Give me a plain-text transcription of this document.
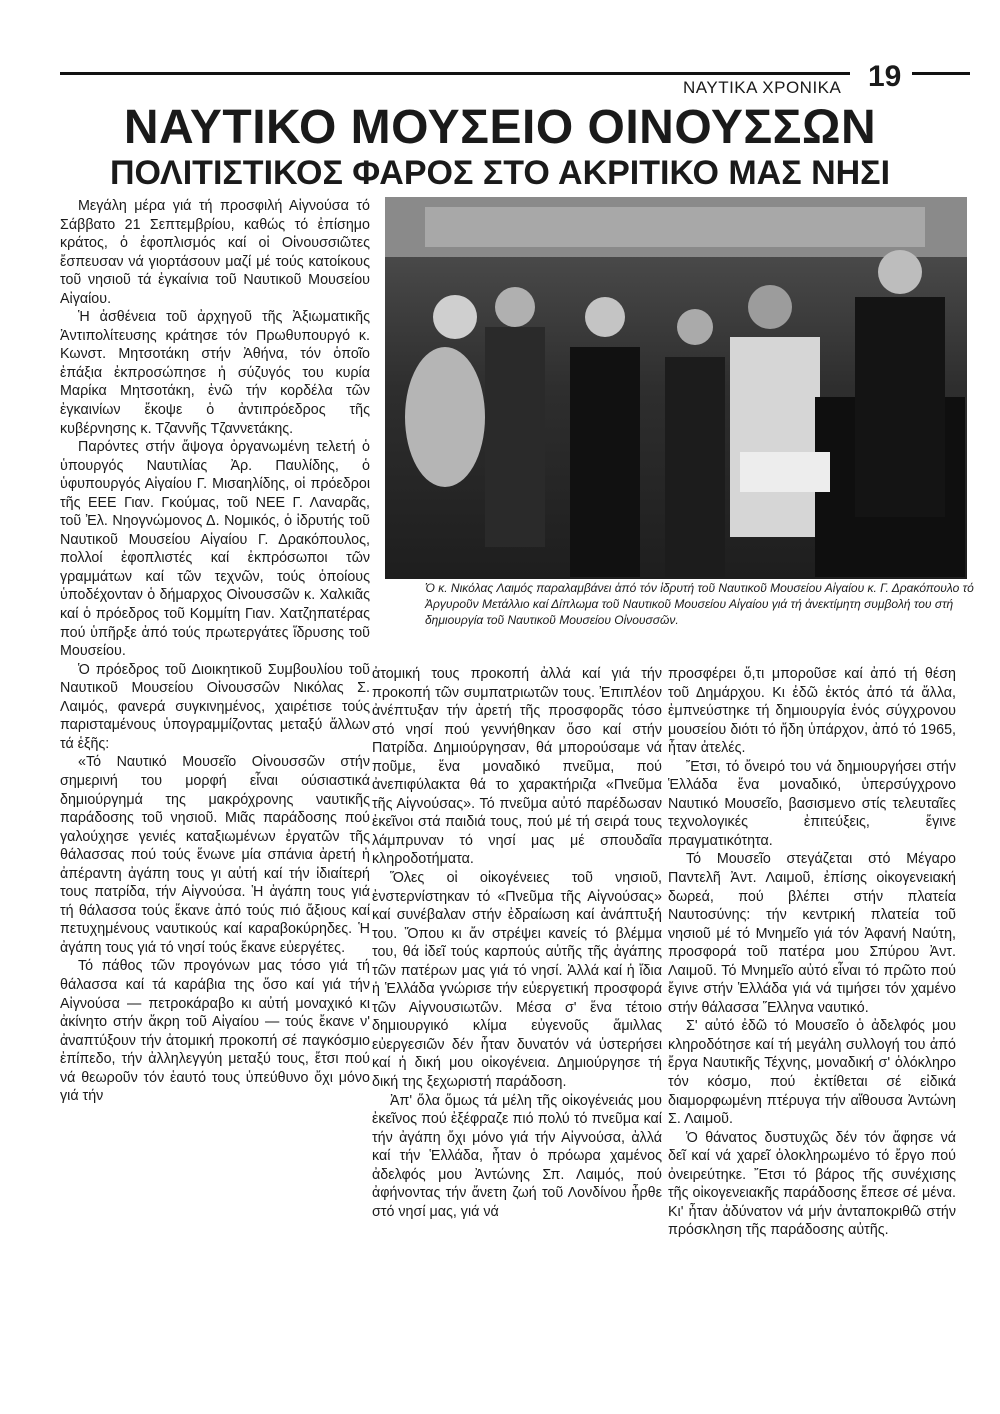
ΝΑΥΤΙΚΑ ΧΡΟΝΙΚΑ 19
ΝΑΥΤΙΚΟ ΜΟΥΣΕΙΟ ΟΙΝΟΥΣΣΩΝ
ΠΟΛΙΤΙΣΤΙΚΟΣ ΦΑΡΟΣ ΣΤΟ ΑΚΡΙΤΙΚΟ ΜΑΣ ΝΗΣΙ

Μεγάλη μέρα γιά τή προσφιλή Αἰγνούσα τό Σάββατο 21 Σεπτεμβρίου, καθώς τό ἐπίσημο κράτος, ὁ ἐφοπλισμός καί οἱ Οἰνουσσιῶτες ἔσπευσαν νά γιορτάσουν μαζί μέ τούς κατοίκους τοῦ νησιοῦ τά ἐγκαίνια τοῦ Ναυτικοῦ Μουσείου Αἰγαίου.

Ἡ ἀσθένεια τοῦ ἀρχηγοῦ τῆς Ἀξιωματικῆς Ἀντιπολίτευσης κράτησε τόν Πρωθυπουργό κ. Κωνστ. Μητσοτάκη στήν Ἀθήνα, τόν ὁποῖο ἐπάξια ἐκπροσώπησε ἡ σύζυγός του κυρία Μαρίκα Μητσοτάκη, ἐνῶ τήν κορδέλα τῶν ἐγκαινίων ἔκοψε ὁ ἀντιπρόεδρος τῆς κυβέρνησης κ. Τζαννῆς Τζαννετάκης.

Παρόντες στήν ἄψογα ὀργανωμένη τελετή ὁ ὑπουργός Ναυτιλίας Ἀρ. Παυλίδης, ὁ ὑφυπουργός Αἰγαίου Γ. Μισαηλίδης, οἱ πρόεδροι τῆς ΕΕΕ Γιαν. Γκούμας, τοῦ ΝΕΕ Γ. Λαναρᾶς, τοῦ Ἐλ. Νηογνώμονος Δ. Νομικός, ὁ ἱδρυτής τοῦ Ναυτικοῦ Μουσείου Αἰγαίου Γ. Δρακόπουλος, πολλοί ἐφοπλιστές καί ἐκπρόσωποι τῶν γραμμάτων καί τῶν τεχνῶν, τούς ὁποίους ὑποδέχονταν ὁ δήμαρχος Οἰνουσσῶν κ. Χαλκιᾶς καί ὁ πρόεδρος τοῦ Κομμίτη Γιαν. Χατζηπατέρας πού ὑπῆρξε ἀπό τούς πρωτεργάτες ἵδρυσης τοῦ Μουσείου.

Ὁ πρόεδρος τοῦ Διοικητικοῦ Συμβουλίου τοῦ Ναυτικοῦ Μουσείου Οἰνουσσῶν Νικόλας Σ. Λαιμός, φανερά συγκινημένος, χαιρέτισε τούς παρισταμένους ὑπογραμμίζοντας μεταξύ ἄλλων τά ἑξῆς:

«Τό Ναυτικό Μουσεῖο Οἰνουσσῶν στήν σημερινή του μορφή εἶναι ούσιαστικά δημιούργημά της μακρόχρονης ναυτικῆς παράδοσης τοῦ νησιοῦ. Μιᾶς παράδοσης πού γαλούχησε γενιές καταξιωμένων ἐργατῶν τῆς θάλασσας πού τούς ἕνωνε μία σπάνια ἀρετή ἡ ἀπέραντη ἀγάπη τους γι αὐτή καί τήν ἰδιαίτερή τους πατρίδα, τήν Αἰγνούσα. Ἡ ἀγάπη τους γιά τή θάλασσα τούς ἔκανε ἀπό τούς πιό ἄξιους καί πετυχημένους ναυτικούς καί καραβοκύρηδες. Ἡ ἀγάπη τους γιά τό νησί τούς ἔκανε εὐεργέτες.

Τό πάθος τῶν προγόνων μας τόσο γιά τή θάλασσα καί τά καράβια της ὅσο καί γιά τήν Αἰγνούσα — πετροκάραβο κι αὐτή μοναχικό κι ἀκίνητο στήν ἄκρη τοῦ Αἰγαίου — τούς ἔκανε ν' ἀναπτύξουν τήν ἀτομική προκοπή σέ παγκόσμιο ἐπίπεδο, τήν ἀλληλεγγύη μεταξύ τους, ἔτσι πού νά θεωροῦν τόν ἑαυτό τους ὑπεύθυνο ὄχι μόνο γιά τήν

Ὁ κ. Νικόλας Λαιμός παραλαμβάνει ἀπό τόν ἱδρυτή τοῦ Ναυτικοῦ Μουσείου Αἰγαίου κ. Γ. Δρακόπουλο τό Ἀργυροῦν Μετάλλιο καί Δίπλωμα τοῦ Ναυτικοῦ Μουσείου Αἰγαίου γιά τή ἀνεκτίμητη συμβολή του στή δημιουργία τοῦ Ναυτικοῦ Μουσείου Οἰνουσσῶν.

ἀτομική τους προκοπή ἀλλά καί γιά τήν προκοπή τῶν συμπατριωτῶν τους. Ἐπιπλέον ἀνέπτυξαν τήν ἀρετή τῆς προσφορᾶς τόσο στό νησί πού γεννήθηκαν ὅσο καί στήν Πατρίδα. Δημιούργησαν, θά μπορούσαμε νά ποῦμε, ἕνα μοναδικό πνεῦμα, πού ἀνεπιφύλακτα θά το χαρακτήριζα «Πνεῦμα τῆς Αἰγνούσας». Τό πνεῦμα αὐτό παρέδωσαν ἐκεῖνοι στά παιδιά τους, πού μέ τή σειρά τους λάμπρυναν τό νησί μας μέ σπουδαῖα κληροδοτήματα.

Ὅλες οἱ οἰκογένειες τοῦ νησιοῦ, ἐνστερνίστηκαν τό «Πνεῦμα τῆς Αἰγνούσας» καί συνέβαλαν στήν ἐδραίωση καί ἀνάπτυξή του. Ὅπου κι ἄν στρέψει κανείς τό βλέμμα του, θά ἰδεῖ τούς καρπούς αὐτῆς τῆς ἀγάπης τῶν πατέρων μας γιά τό νησί. Ἀλλά καί ἡ ἴδια ἡ Ἑλλάδα γνώρισε τήν εὐεργετική προσφορά τῶν Αἰγνουσιωτῶν. Μέσα σ' ἕνα τέτοιο δημιουργικό κλίμα εὐγενοῦς ἅμιλλας εὐεργεσιῶν δέν ἦταν δυνατόν νά ὑστερήσει καί ἡ δική μου οἰκογένεια. Δημιούργησε τή δική της ξεχωριστή παράδοση.

Ἀπ' ὅλα ὅμως τά μέλη τῆς οἰκογένειάς μου ἐκεῖνος πού ἐξέφραζε πιό πολύ τό πνεῦμα καί τήν ἀγάπη ὄχι μόνο γιά τήν Αἰγνούσα, ἀλλά καί τήν Ἑλλάδα, ἦταν ὁ πρόωρα χαμένος ἀδελφός μου Ἀντώνης Σπ. Λαιμός, πού ἀφήνοντας τήν ἄνετη ζωή τοῦ Λονδίνου ἦρθε στό νησί μας, γιά νά

προσφέρει ὅ,τι μποροῦσε καί ἀπό τή θέση τοῦ Δημάρχου. Κι ἐδῶ ἐκτός ἀπό τά ἄλλα, ἐμπνεύστηκε τή δημιουργία ἑνός σύγχρονου μουσείου διότι τό ἤδη ὑπάρχον, ἀπό τό 1965, ἦταν ἀτελές.

Ἔτσι, τό ὄνειρό του νά δημιουργήσει στήν Ἑλλάδα ἕνα μοναδικό, ὑπερσύγχρονο Ναυτικό Μουσεῖο, βασισμενο στίς τελευταῖες τεχνολογικές ἐπιτεύξεις, ἔγινε πραγματικότητα.

Τό Μουσεῖο στεγάζεται στό Μέγαρο Παντελῆ Ἀντ. Λαιμοῦ, ἐπίσης οἰκογενειακή δωρεά, πού βλέπει στήν πλατεία Ναυτοσύνης: τήν κεντρική πλατεία τοῦ νησιοῦ μέ τό Μνημεῖο γιά τόν Ἀφανή Ναύτη, προσφορά τοῦ πατέρα μου Σπύρου Ἀντ. Λαιμοῦ. Τό Μνημεῖο αὐτό εἶναι τό πρῶτο πού ἔγινε στήν Ἑλλάδα γιά νά τιμήσει τόν χαμένο στήν θάλασσα Ἕλληνα ναυτικό.

Σ' αὐτό ἐδῶ τό Μουσεῖο ὁ ἀδελφός μου κληροδότησε καί τή μεγάλη συλλογή του ἀπό ἔργα Ναυτικῆς Τέχνης, μοναδική σ' ὁλόκληρο τόν κόσμο, πού ἐκτίθεται σέ εἰδικά διαμορφωμένη πτέρυγα τήν αἴθουσα Ἀντώνη Σ. Λαιμοῦ.

Ὁ θάνατος δυστυχῶς δέν τόν ἄφησε νά δεῖ καί νά χαρεῖ ὁλοκληρωμένο τό ἔργο πού ὀνειρεύτηκε. Ἔτσι τό βάρος τῆς συνέχισης τῆς οἰκογενειακῆς παράδοσης ἔπεσε σέ μένα. Κι' ἦταν ἀδύνατον νά μήν ἀνταποκριθῶ στήν πρόσκληση τῆς παράδοσης αὐτῆς.
